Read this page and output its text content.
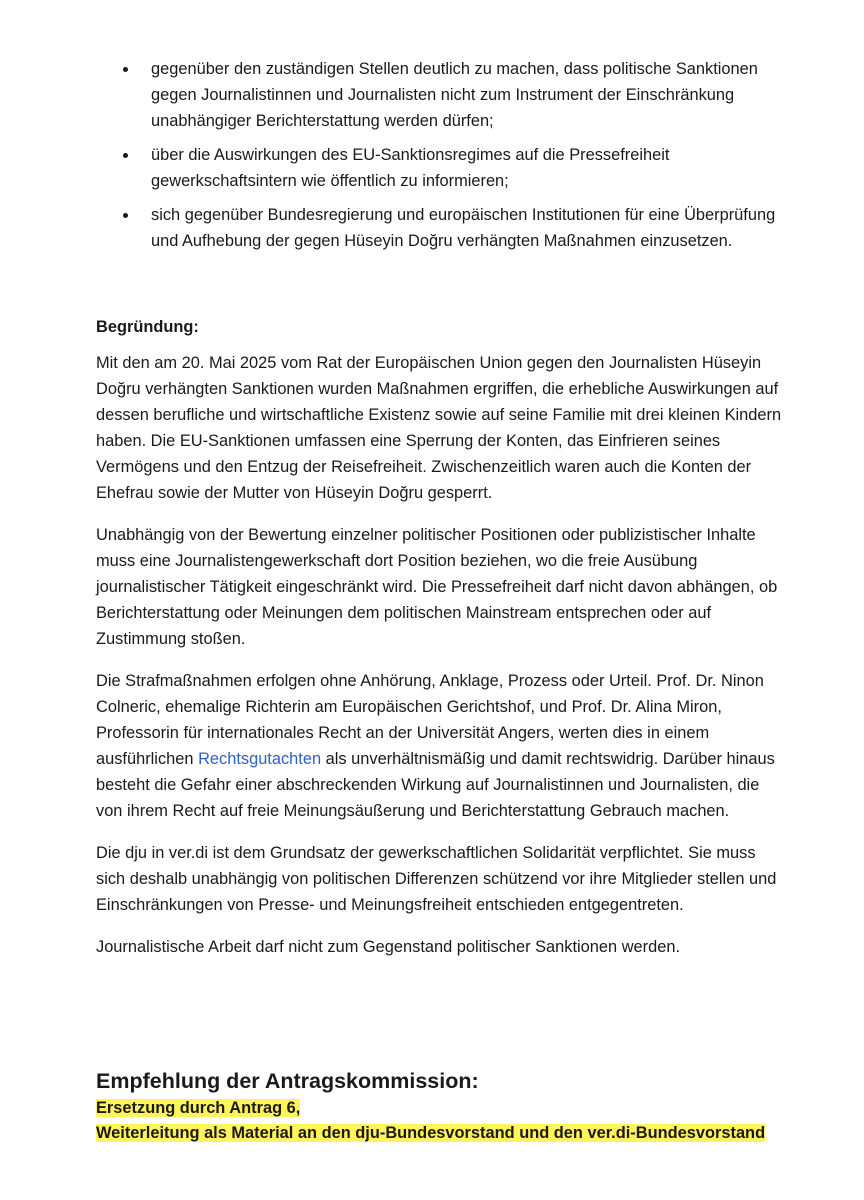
gegenüber den zuständigen Stellen deutlich zu machen, dass politische Sanktionen gegen Journalistinnen und Journalisten nicht zum Instrument der Einschränkung unabhängiger Berichterstattung werden dürfen;
über die Auswirkungen des EU-Sanktionsregimes auf die Pressefreiheit gewerkschaftsintern wie öffentlich zu informieren;
sich gegenüber Bundesregierung und europäischen Institutionen für eine Überprüfung und Aufhebung der gegen Hüseyin Doğru verhängten Maßnahmen einzusetzen.

Begründung:

Mit den am 20. Mai 2025 vom Rat der Europäischen Union gegen den Journalisten Hüseyin Doğru verhängten Sanktionen wurden Maßnahmen ergriffen, die erhebliche Auswirkungen auf dessen berufliche und wirtschaftliche Existenz sowie auf seine Familie mit drei kleinen Kindern haben. Die EU-Sanktionen umfassen eine Sperrung der Konten, das Einfrieren seines Vermögens und den Entzug der Reisefreiheit. Zwischenzeitlich waren auch die Konten der Ehefrau sowie der Mutter von Hüseyin Doğru gesperrt.

Unabhängig von der Bewertung einzelner politischer Positionen oder publizistischer Inhalte muss eine Journalistengewerkschaft dort Position beziehen, wo die freie Ausübung journalistischer Tätigkeit eingeschränkt wird. Die Pressefreiheit darf nicht davon abhängen, ob Berichterstattung oder Meinungen dem politischen Mainstream entsprechen oder auf Zustimmung stoßen.

Die Strafmaßnahmen erfolgen ohne Anhörung, Anklage, Prozess oder Urteil. Prof. Dr. Ninon Colneric, ehemalige Richterin am Europäischen Gerichtshof, und Prof. Dr. Alina Miron,
Professorin für internationales Recht an der Universität Angers, werten dies in einem ausführlichen Rechtsgutachten als unverhältnismäßig und damit rechtswidrig. Darüber hinaus besteht die Gefahr einer abschreckenden Wirkung auf Journalistinnen und Journalisten, die von ihrem Recht auf freie Meinungsäußerung und Berichterstattung Gebrauch machen.

Die dju in ver.di ist dem Grundsatz der gewerkschaftlichen Solidarität verpflichtet. Sie muss sich deshalb unabhängig von politischen Differenzen schützend vor ihre Mitglieder stellen und Einschränkungen von Presse- und Meinungsfreiheit entschieden entgegentreten.

Journalistische Arbeit darf nicht zum Gegenstand politischer Sanktionen werden.

Empfehlung der Antragskommission:
Ersetzung durch Antrag 6,
Weiterleitung als Material an den dju-Bundesvorstand und den ver.di-Bundesvorstand
